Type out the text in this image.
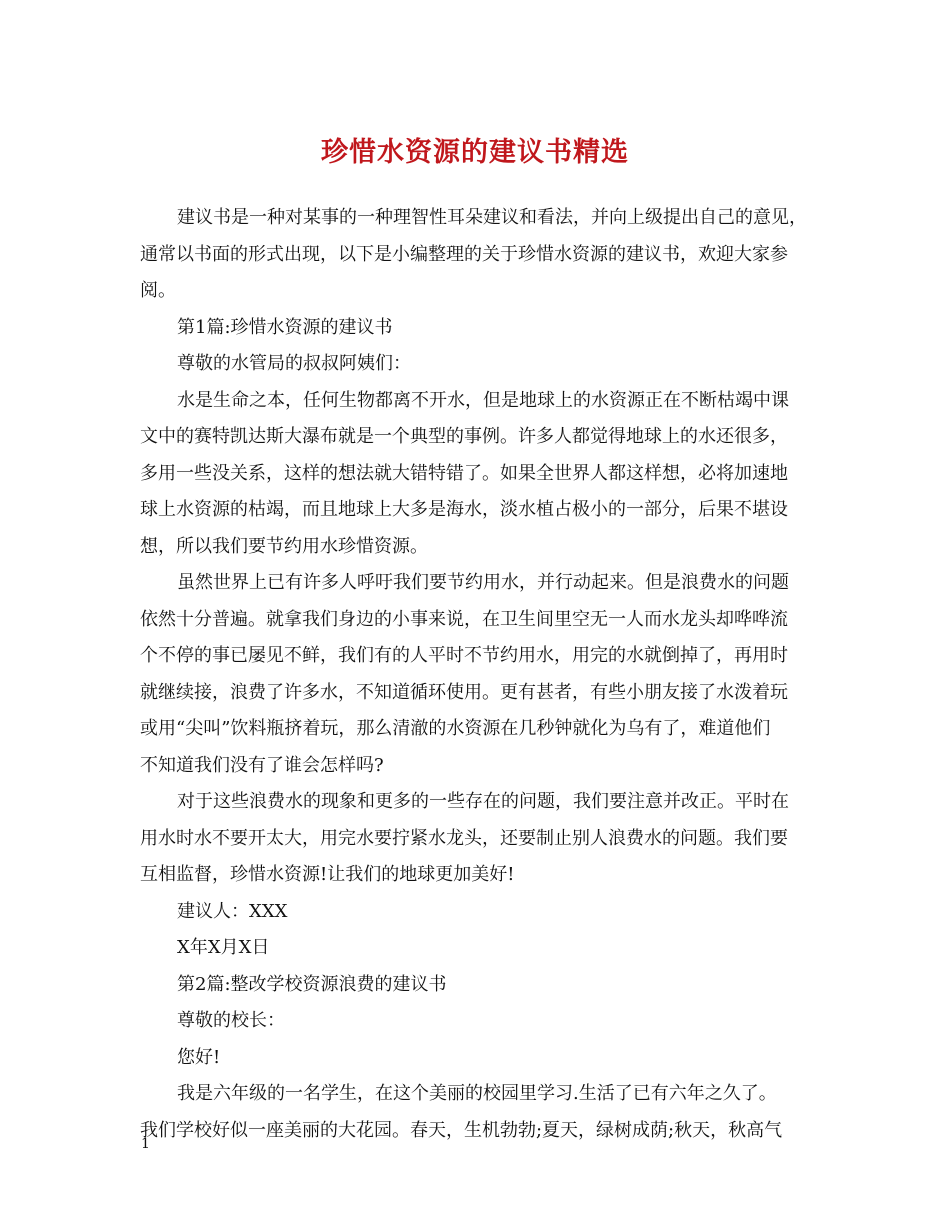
珍惜水资源的建议书精选

建议书是一种对某事的一种理智性耳朵建议和看法，并向上级提出自己的意见，

通常以书面的形式出现，以下是小编整理的关于珍惜水资源的建议书，欢迎大家参

阅。

第1篇:珍惜水资源的建议书

尊敬的水管局的叔叔阿姨们：

水是生命之本，任何生物都离不开水，但是地球上的水资源正在不断枯竭中课

文中的赛特凯达斯大瀑布就是一个典型的事例。许多人都觉得地球上的水还很多，

多用一些没关系，这样的想法就大错特错了。如果全世界人都这样想，必将加速地

球上水资源的枯竭，而且地球上大多是海水，淡水植占极小的一部分，后果不堪设

想，所以我们要节约用水珍惜资源。

虽然世界上已有许多人呼吁我们要节约用水，并行动起来。但是浪费水的问题

依然十分普遍。就拿我们身边的小事来说，在卫生间里空无一人而水龙头却哗哗流

个不停的事已屡见不鲜，我们有的人平时不节约用水，用完的水就倒掉了，再用时

就继续接，浪费了许多水，不知道循环使用。更有甚者，有些小朋友接了水泼着玩

或用“尖叫”饮料瓶挤着玩，那么清澈的水资源在几秒钟就化为乌有了，难道他们

不知道我们没有了谁会怎样吗?

对于这些浪费水的现象和更多的一些存在的问题，我们要注意并改正。平时在

用水时水不要开太大，用完水要拧紧水龙头，还要制止别人浪费水的问题。我们要

互相监督，珍惜水资源!让我们的地球更加美好!

建议人：XXX

X年X月X日

第2篇:整改学校资源浪费的建议书

尊敬的校长：

您好!

我是六年级的一名学生，在这个美丽的校园里学习.生活了已有六年之久了。

我们学校好似一座美丽的大花园。春天，生机勃勃;夏天，绿树成荫;秋天，秋高气

1
